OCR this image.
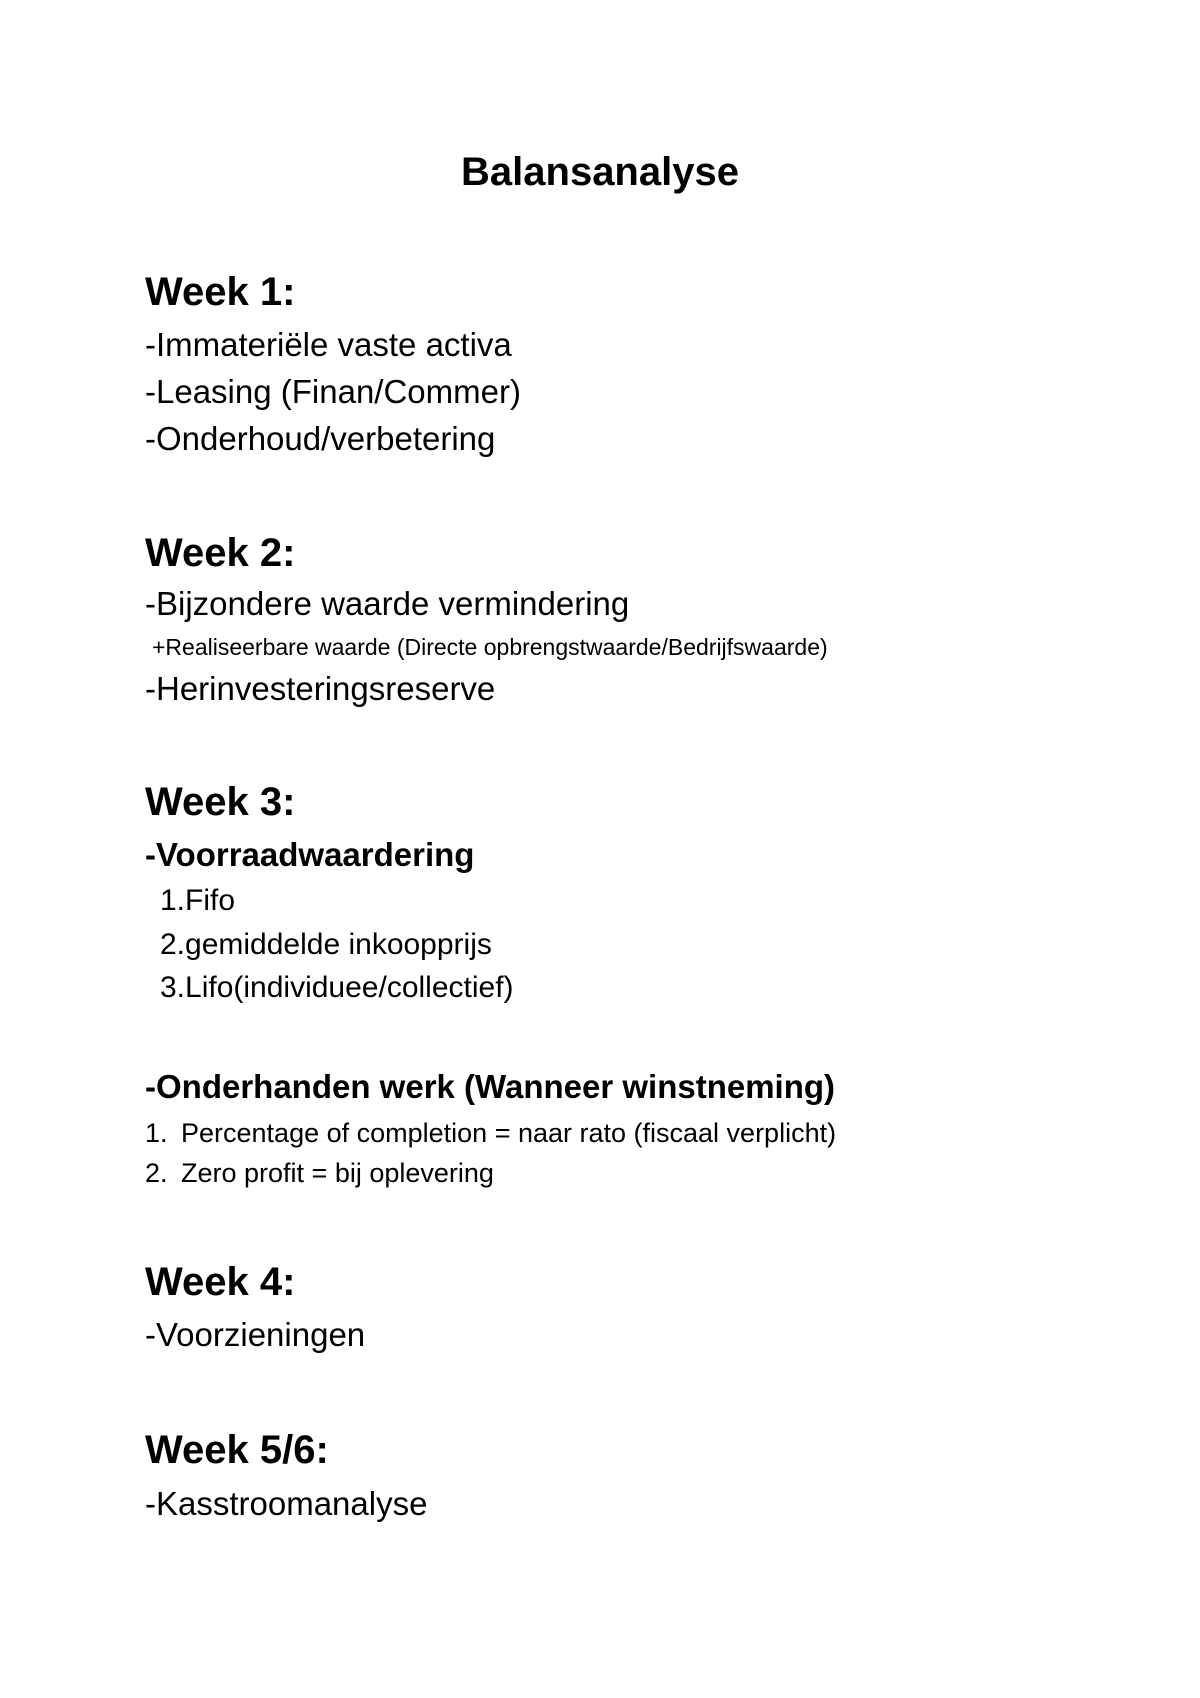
Balansanalyse
Week 1:
-Immateriële vaste activa
-Leasing (Finan/Commer)
-Onderhoud/verbetering
Week 2:
-Bijzondere waarde vermindering
+Realiseerbare waarde (Directe opbrengstwaarde/Bedrijfswaarde)
-Herinvesteringsreserve
Week 3:
-Voorraadwaardering
1.Fifo
2.gemiddelde inkoopprijs
3.Lifo(individuee/collectief)
-Onderhanden werk (Wanneer winstneming)
1. Percentage of completion = naar rato (fiscaal verplicht)
2. Zero profit = bij oplevering
Week 4:
-Voorzieningen
Week 5/6:
-Kasstroomanalyse
